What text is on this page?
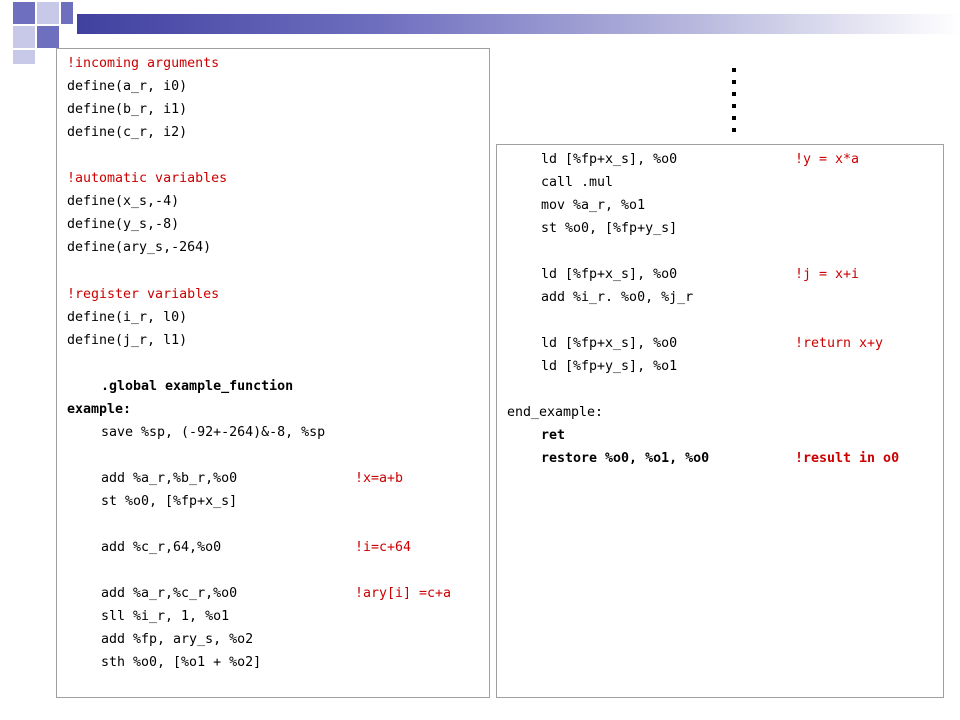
!incoming arguments
define(a_r, i0)
define(b_r, i1)
define(c_r, i2)
!automatic variables
define(x_s,-4)
define(y_s,-8)
define(ary_s,-264)
!register variables
define(i_r, l0)
define(j_r, l1)
.global example_function
example:
save %sp, (-92+-264)&-8, %sp
add %a_r,%b_r,%o0	!x=a+b
st %o0, [%fp+x_s]
add %c_r,64,%o0	!i=c+64
add %a_r,%c_r,%o0	!ary[i] =c+a
sll %i_r, 1, %o1
add %fp, ary_s, %o2
sth %o0, [%o1 + %o2]
ld [%fp+x_s], %o0	!y = x*a
call .mul
mov %a_r, %o1
st %o0, [%fp+y_s]
ld [%fp+x_s], %o0	!j = x+i
add %i_r. %o0, %j_r
ld [%fp+x_s], %o0	!return x+y
ld [%fp+y_s], %o1
end_example:
ret
restore %o0, %o1, %o0	!result in o0
